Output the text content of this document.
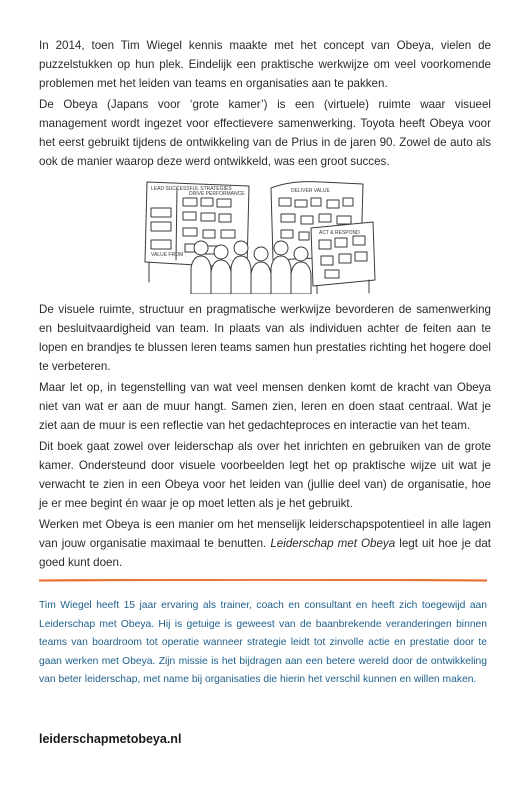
In 2014, toen Tim Wiegel kennis maakte met het concept van Obeya, vielen de puzzelstukken op hun plek. Eindelijk een praktische werkwijze om veel voorkomende problemen met het leiden van teams en organisaties aan te pakken.

De Obeya (Japans voor ‘grote kamer’) is een (virtuele) ruimte waar visueel management wordt ingezet voor effectievere samenwerking. Toyota heeft Obeya voor het eerst gebruikt tijdens de ontwikkeling van de Prius in de jaren 90. Zowel de auto als ook de manier waarop deze werd ontwikkeld, was een groot succes.

LEAD SUCCESSFUL STRATEGIES
DRIVE PERFORMANCE
VALUE FROM
DELIVER VALUE
ACT & RESPOND

De visuele ruimte, structuur en pragmatische werkwijze bevorderen de samenwerking en besluitvaardigheid van team. In plaats van als individuen achter de feiten aan te lopen en brandjes te blussen leren teams samen hun prestaties richting het hogere doel te verbeteren.

Maar let op, in tegenstelling van wat veel mensen denken komt de kracht van Obeya niet van wat er aan de muur hangt. Samen zien, leren en doen staat centraal. Wat je ziet aan de muur is een reflectie van het gedachteproces en interactie van het team.

Dit boek gaat zowel over leiderschap als over het inrichten en gebruiken van de grote kamer. Ondersteund door visuele voorbeelden legt het op praktische wijze uit wat je verwacht te zien in een Obeya voor het leiden van (jullie deel van) de organisatie, hoe je er mee begint én waar je op moet letten als je het gebruikt.

Werken met Obeya is een manier om het menselijk leiderschapspotentieel in alle lagen van jouw organisatie maximaal te benutten. Leiderschap met Obeya legt uit hoe je dat goed kunt doen.

Tim Wiegel heeft 15 jaar ervaring als trainer, coach en consultant en heeft zich toegewijd aan Leiderschap met Obeya. Hij is getuige is geweest van de baanbrekende veranderingen binnen teams van boardroom tot operatie wanneer strategie leidt tot zinvolle actie en prestatie door te gaan werken met Obeya. Zijn missie is het bijdragen aan een betere wereld door de ontwikkeling van beter leiderschap, met name bij organisaties die hierin het verschil kunnen en willen maken.

leiderschapmetobeya.nl
